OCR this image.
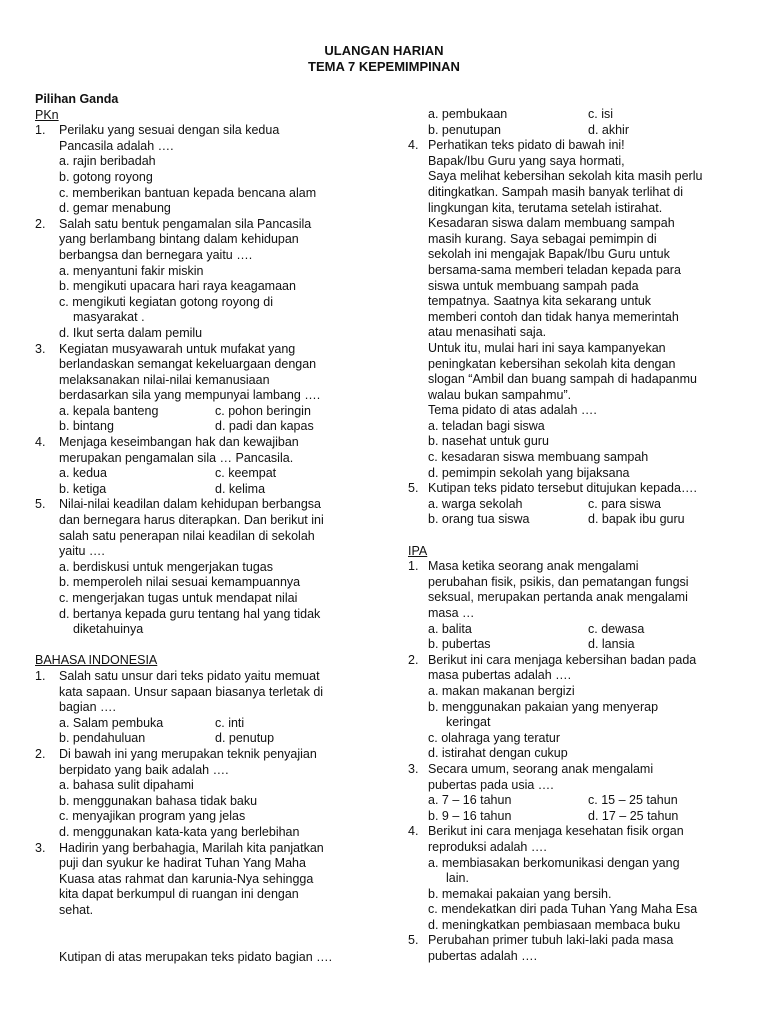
ULANGAN HARIAN
TEMA 7 KEPEMIMPINAN
Pilihan Ganda
PKn
1. Perilaku yang sesuai dengan sila kedua
Pancasila adalah ….
a. rajin beribadah
b. gotong royong
c. memberikan bantuan kepada bencana alam
d. gemar menabung
2. Salah satu bentuk pengamalan sila Pancasila
yang berlambang bintang dalam kehidupan
berbangsa dan bernegara yaitu ….
a. menyantuni fakir miskin
b. mengikuti upacara hari raya keagamaan
c. mengikuti kegiatan gotong royong di
masyarakat .
d. Ikut serta dalam pemilu
3. Kegiatan musyawarah untuk mufakat yang
berlandaskan semangat kekeluargaan dengan
melaksanakan nilai-nilai kemanusiaan
berdasarkan sila yang mempunyai lambang ….
a. kepala banteng	c. pohon beringin
b. bintang	d. padi dan kapas
4. Menjaga keseimbangan hak dan kewajiban
merupakan pengamalan sila … Pancasila.
a. kedua	c. keempat
b. ketiga	d. kelima
5. Nilai-nilai keadilan dalam kehidupan berbangsa
dan bernegara harus diterapkan. Dan berikut ini
salah satu penerapan nilai keadilan di sekolah
yaitu ….
a. berdiskusi untuk mengerjakan tugas
b. memperoleh nilai sesuai kemampuannya
c. mengerjakan tugas untuk mendapat nilai
d. bertanya kepada guru tentang hal yang tidak
diketahuinya
BAHASA INDONESIA
1. Salah satu unsur dari teks pidato yaitu memuat
kata sapaan. Unsur sapaan biasanya terletak di
bagian ….
a. Salam pembuka	c. inti
b. pendahuluan	d. penutup
2. Di bawah ini yang merupakan teknik penyajian
berpidato yang baik adalah ….
a. bahasa sulit dipahami
b. menggunakan bahasa tidak baku
c. menyajikan program yang jelas
d. menggunakan kata-kata yang berlebihan
3. Hadirin yang berbahagia, Marilah kita panjatkan
puji dan syukur ke hadirat Tuhan Yang Maha
Kuasa atas rahmat dan karunia-Nya sehingga
kita dapat berkumpul di ruangan ini dengan
sehat.
Kutipan di atas merupakan teks pidato bagian ….
a. pembukaan	c. isi
b. penutupan	d. akhir
4. Perhatikan teks pidato di bawah ini!
Bapak/Ibu Guru yang saya hormati,
Saya melihat kebersihan sekolah kita masih perlu
ditingkatkan. Sampah masih banyak terlihat di
lingkungan kita, terutama setelah istirahat.
Kesadaran siswa dalam membuang sampah
masih kurang. Saya sebagai pemimpin di
sekolah ini mengajak Bapak/Ibu Guru untuk
bersama-sama memberi teladan kepada para
siswa untuk membuang sampah pada
tempatnya. Saatnya kita sekarang untuk
memberi contoh dan tidak hanya memerintah
atau menasihati saja.
Untuk itu, mulai hari ini saya kampanyekan
peningkatan kebersihan sekolah kita dengan
slogan “Ambil dan buang sampah di hadapanmu
walau bukan sampahmu”.
Tema pidato di atas adalah ….
a. teladan bagi siswa
b. nasehat untuk guru
c. kesadaran siswa membuang sampah
d. pemimpin sekolah yang bijaksana
5. Kutipan teks pidato tersebut ditujukan kepada….
a. warga sekolah	c. para siswa
b. orang tua siswa	d. bapak ibu guru
IPA
1. Masa ketika seorang anak mengalami
perubahan fisik, psikis, dan pematangan fungsi
seksual, merupakan pertanda anak mengalami
masa …
a. balita	c. dewasa
b. pubertas	d. lansia
2. Berikut ini cara menjaga kebersihan badan pada
masa pubertas adalah ….
a. makan makanan bergizi
b. menggunakan pakaian yang menyerap
keringat
c. olahraga yang teratur
d. istirahat dengan cukup
3. Secara umum, seorang anak mengalami
pubertas pada usia ….
a. 7 – 16 tahun	c. 15 – 25 tahun
b. 9 – 16 tahun	d. 17 – 25 tahun
4. Berikut ini cara menjaga kesehatan fisik organ
reproduksi adalah ….
a. membiasakan berkomunikasi dengan yang
lain.
b. memakai pakaian yang bersih.
c. mendekatkan diri pada Tuhan Yang Maha Esa
d. meningkatkan pembiasaan membaca buku
5. Perubahan primer tubuh laki-laki pada masa
pubertas adalah ….
